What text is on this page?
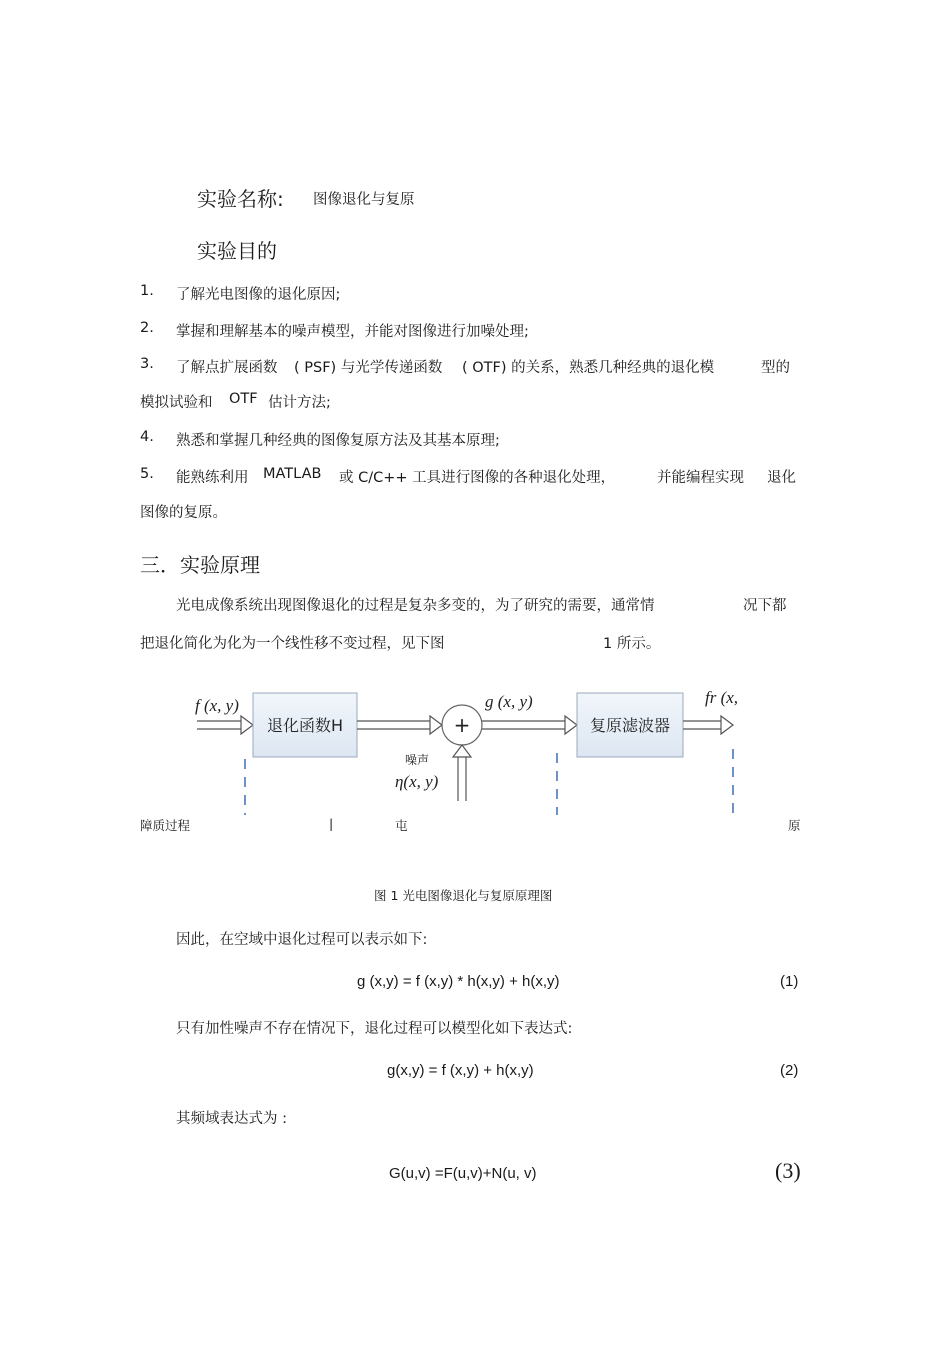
实验名称: 图像退化与复原
实验目的
1. 了解光电图像的退化原因;
2. 掌握和理解基本的噪声模型，并能对图像进行加噪处理;
3. 了解点扩展函数 ( PSF) 与光学传递函数 ( OTF) 的关系，熟悉几种经典的退化模	型的
模拟试验和 OTF 估计方法;
4. 熟悉和掌握几种经典的图像复原方法及其基本原理;
5. 能熟练利用 MATLAB 或 C/C++ 工具进行图像的各种退化处理，	并能编程实现 退化
图像的复原。
三．实验原理
光电成像系统出现图像退化的过程是复杂多变的，为了研究的需要，通常情	况下都
把退化简化为化为一个线性移不变过程，见下图	1 所示。
f (x, y)
退化函数H	+
噪声
η(x, y)
g (x, y)
复原滤波器
fr (x,
障质过程	|	屯	原
图 1 光电图像退化与复原原理图
因此，在空域中退化过程可以表示如下:
g (x,y) = f (x,y) * h(x,y) + h(x,y)	(1)
只有加性噪声不存在情况下，退化过程可以模型化如下表达式:
g(x,y) = f (x,y) + h(x,y)	(2)
其频域表达式为 :
G(u,v) =F(u,v)+N(u, v)	(3)
